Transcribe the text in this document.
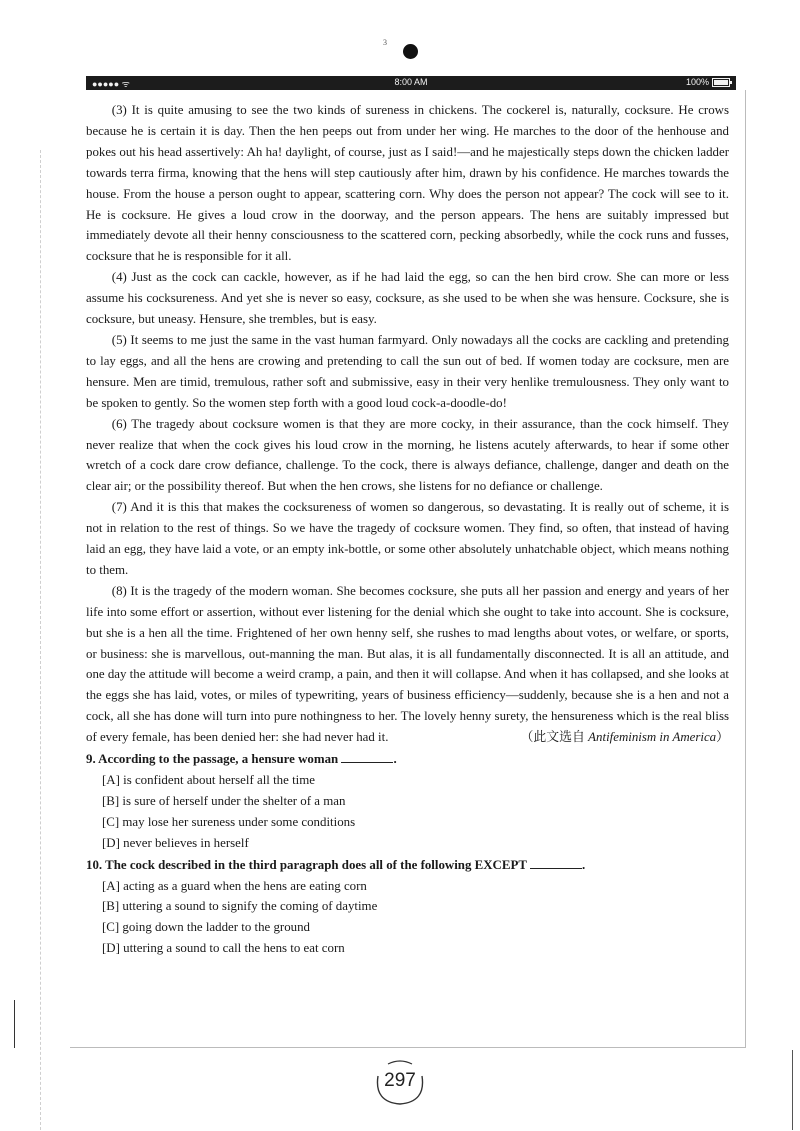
3
●●●●● ᯤ	8:00 AM	100%

(3) It is quite amusing to see the two kinds of sureness in chickens. The cockerel is, naturally, cocksure. He crows because he is certain it is day. Then the hen peeps out from under her wing. He marches to the door of the henhouse and pokes out his head assertively: Ah ha! daylight, of course, just as I said!—and he majestically steps down the chicken ladder towards terra firma, knowing that the hens will step cautiously after him, drawn by his confidence. He marches towards the house. From the house a person ought to appear, scattering corn. Why does the person not appear? The cock will see to it. He is cocksure. He gives a loud crow in the doorway, and the person appears. The hens are suitably impressed but immediately devote all their henny consciousness to the scattered corn, pecking absorbedly, while the cock runs and fusses, cocksure that he is responsible for it all.

(4) Just as the cock can cackle, however, as if he had laid the egg, so can the hen bird crow. She can more or less assume his cocksureness. And yet she is never so easy, cocksure, as she used to be when she was hensure. Cocksure, she is cocksure, but uneasy. Hensure, she trembles, but is easy.

(5) It seems to me just the same in the vast human farmyard. Only nowadays all the cocks are cackling and pretending to lay eggs, and all the hens are crowing and pretending to call the sun out of bed. If women today are cocksure, men are hensure. Men are timid, tremulous, rather soft and submissive, easy in their very henlike tremulousness. They only want to be spoken to gently. So the women step forth with a good loud cock-a-doodle-do!

(6) The tragedy about cocksure women is that they are more cocky, in their assurance, than the cock himself. They never realize that when the cock gives his loud crow in the morning, he listens acutely afterwards, to hear if some other wretch of a cock dare crow defiance, challenge. To the cock, there is always defiance, challenge, danger and death on the clear air; or the possibility thereof. But when the hen crows, she listens for no defiance or challenge.

(7) And it is this that makes the cocksureness of women so dangerous, so devastating. It is really out of scheme, it is not in relation to the rest of things. So we have the tragedy of cocksure women. They find, so often, that instead of having laid an egg, they have laid a vote, or an empty ink-bottle, or some other absolutely unhatchable object, which means nothing to them.

(8) It is the tragedy of the modern woman. She becomes cocksure, she puts all her passion and energy and years of her life into some effort or assertion, without ever listening for the denial which she ought to take into account. She is cocksure, but she is a hen all the time. Frightened of her own henny self, she rushes to mad lengths about votes, or welfare, or sports, or business: she is marvellous, out-manning the man. But alas, it is all fundamentally disconnected. It is all an attitude, and one day the attitude will become a weird cramp, a pain, and then it will collapse. And when it has collapsed, and she looks at the eggs she has laid, votes, or miles of typewriting, years of business efficiency—suddenly, because she is a hen and not a cock, all she has done will turn into pure nothingness to her. The lovely henny surety, the hensureness which is the real bliss of every female, has been denied her: she had never had it.	（此文选自 Antifeminism in America）
9. According to the passage, a hensure woman	.
[A] is confident about herself all the time
[B] is sure of herself under the shelter of a man
[C] may lose her sureness under some conditions
[D] never believes in herself
10. The cock described in the third paragraph does all of the following EXCEPT	.
[A] acting as a guard when the hens are eating corn
[B] uttering a sound to signify the coming of daytime
[C] going down the ladder to the ground
[D] uttering a sound to call the hens to eat corn
297
